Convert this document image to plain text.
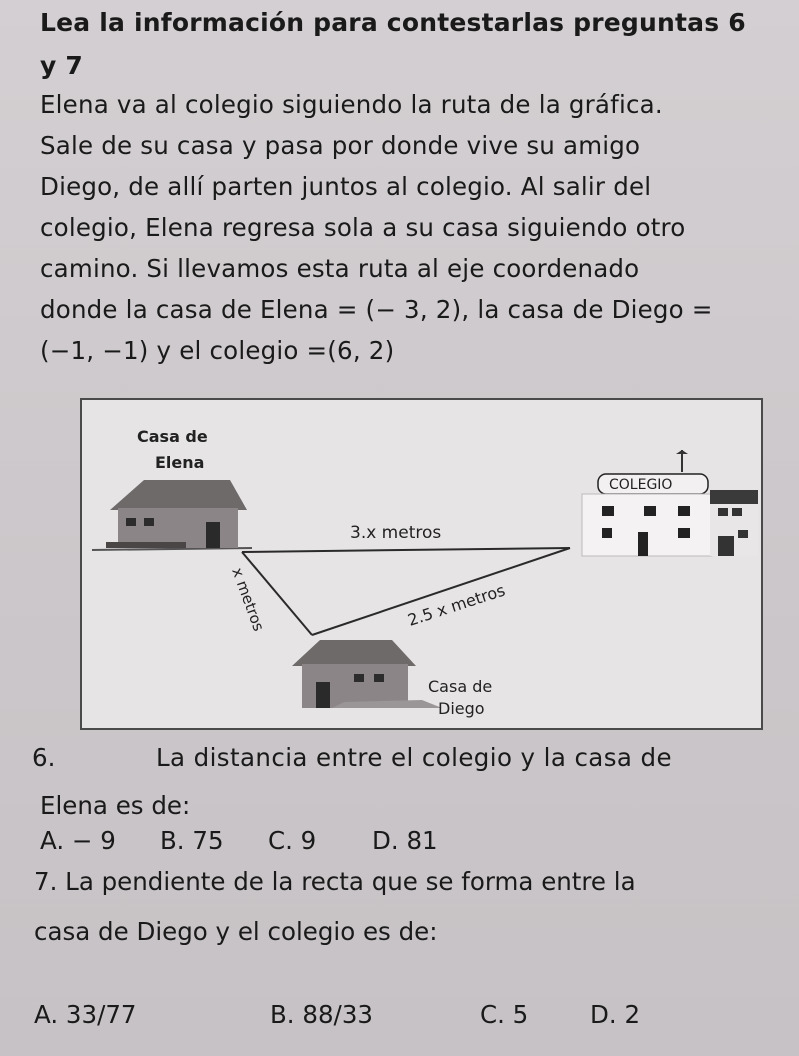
Lea la información para contestarlas preguntas 6
y 7
Elena va al colegio siguiendo la ruta de la gráfica.
Sale de su casa y pasa por donde vive su amigo
Diego, de allí parten juntos al colegio. Al salir del
colegio, Elena regresa sola a su casa siguiendo otro
camino. Si llevamos esta ruta al eje coordenado
donde la casa de Elena = (− 3, 2), la casa de Diego =
(−1, −1) y el colegio =(6, 2)
Casa de
Elena
COLEGIO
3.x metros
x metros	2.5 x metros
Casa de
Diego
6.	La distancia entre el colegio y la casa de
Elena es de:
A. − 9 B. 75 C. 9 D. 81
7. La pendiente de la recta que se forma entre la
casa de Diego y el colegio es de:
A. 33/77	B. 88/33	C. 5	D. 2
